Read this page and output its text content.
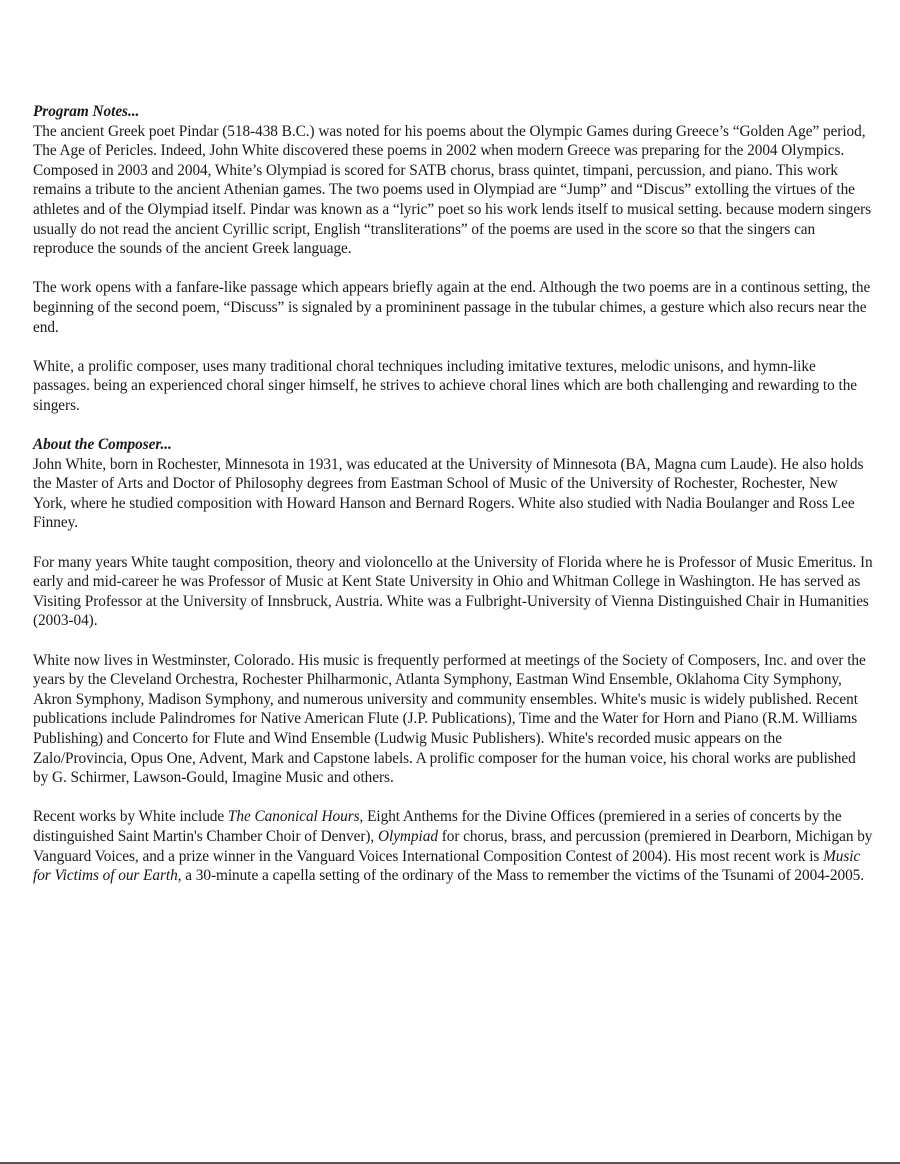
Program Notes...

The ancient Greek poet Pindar (518-438 B.C.) was noted for his poems about the Olympic Games during Greece’s “Golden Age” period, The Age of Pericles. Indeed, John White discovered these poems in 2002 when modern Greece was preparing for the 2004 Olympics. Composed in 2003 and 2004, White’s Olympiad is scored for SATB chorus, brass quintet, timpani, percussion, and piano. This work remains a tribute to the ancient Athenian games. The two poems used in Olympiad are “Jump” and “Discus” extolling the virtues of the athletes and of the Olympiad itself. Pindar was known as a “lyric” poet so his work lends itself to musical setting. because modern singers usually do not read the ancient Cyrillic script, English “transliterations” of the poems are used in the score so that the singers can reproduce the sounds of the ancient Greek language.

The work opens with a fanfare-like passage which appears briefly again at the end. Although the two poems are in a continous setting, the beginning of the second poem, “Discuss” is signaled by a promininent passage in the tubular chimes, a gesture which also recurs near the end.

White, a prolific composer, uses many traditional choral techniques including imitative textures, melodic unisons, and hymn-like passages. being an experienced choral singer himself, he strives to achieve choral lines which are both challenging and rewarding to the singers.

About the Composer...

John White, born in Rochester, Minnesota in 1931, was educated at the University of Minnesota (BA, Magna cum Laude). He also holds the Master of Arts and Doctor of Philosophy degrees from Eastman School of Music of the University of Rochester, Rochester, New York, where he studied composition with Howard Hanson and Bernard Rogers. White also studied with Nadia Boulanger and Ross Lee Finney.

For many years White taught composition, theory and violoncello at the University of Florida where he is Professor of Music Emeritus. In early and mid-career he was Professor of Music at Kent State University in Ohio and Whitman College in Washington. He has served as Visiting Professor at the University of Innsbruck, Austria. White was a Fulbright-University of Vienna Distinguished Chair in Humanities (2003-04).

White now lives in Westminster, Colorado. His music is frequently performed at meetings of the Society of Composers, Inc. and over the years by the Cleveland Orchestra, Rochester Philharmonic, Atlanta Symphony, Eastman Wind Ensemble, Oklahoma City Symphony, Akron Symphony, Madison Symphony, and numerous university and community ensembles. White's music is widely published. Recent publications include Palindromes for Native American Flute (J.P. Publications), Time and the Water for Horn and Piano (R.M. Williams Publishing) and Concerto for Flute and Wind Ensemble (Ludwig Music Publishers). White's recorded music appears on the Zalo/Provincia, Opus One, Advent, Mark and Capstone labels. A prolific composer for the human voice, his choral works are published by G. Schirmer, Lawson-Gould, Imagine Music and others.

Recent works by White include The Canonical Hours, Eight Anthems for the Divine Offices (premiered in a series of concerts by the distinguished Saint Martin's Chamber Choir of Denver), Olympiad for chorus, brass, and percussion (premiered in Dearborn, Michigan by Vanguard Voices, and a prize winner in the Vanguard Voices International Composition Contest of 2004). His most recent work is Music for Victims of our Earth, a 30-minute a capella setting of the ordinary of the Mass to remember the victims of the Tsunami of 2004-2005.
